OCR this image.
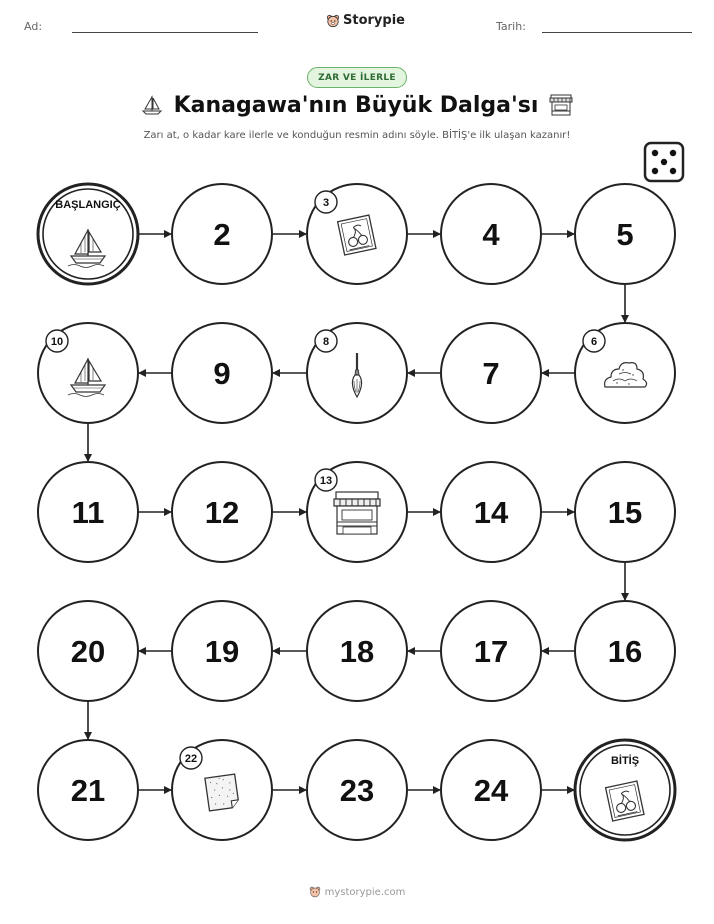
Ad:	Storypie	Tarih:
ZAR VE İLERLE
Kanagawa'nın Büyük Dalga'sı
Zarı at, o kadar kare ilerle ve konduğun resmin adını söyle. BİTİŞ'e ilk ulaşan kazanır!
BAŞLANGIÇ
2
3
4	5
6
7
8
9
10
11	12
13
14	15
16
17
18
19
20
21
22
23	24
BİTİŞ
mystorypie.com
